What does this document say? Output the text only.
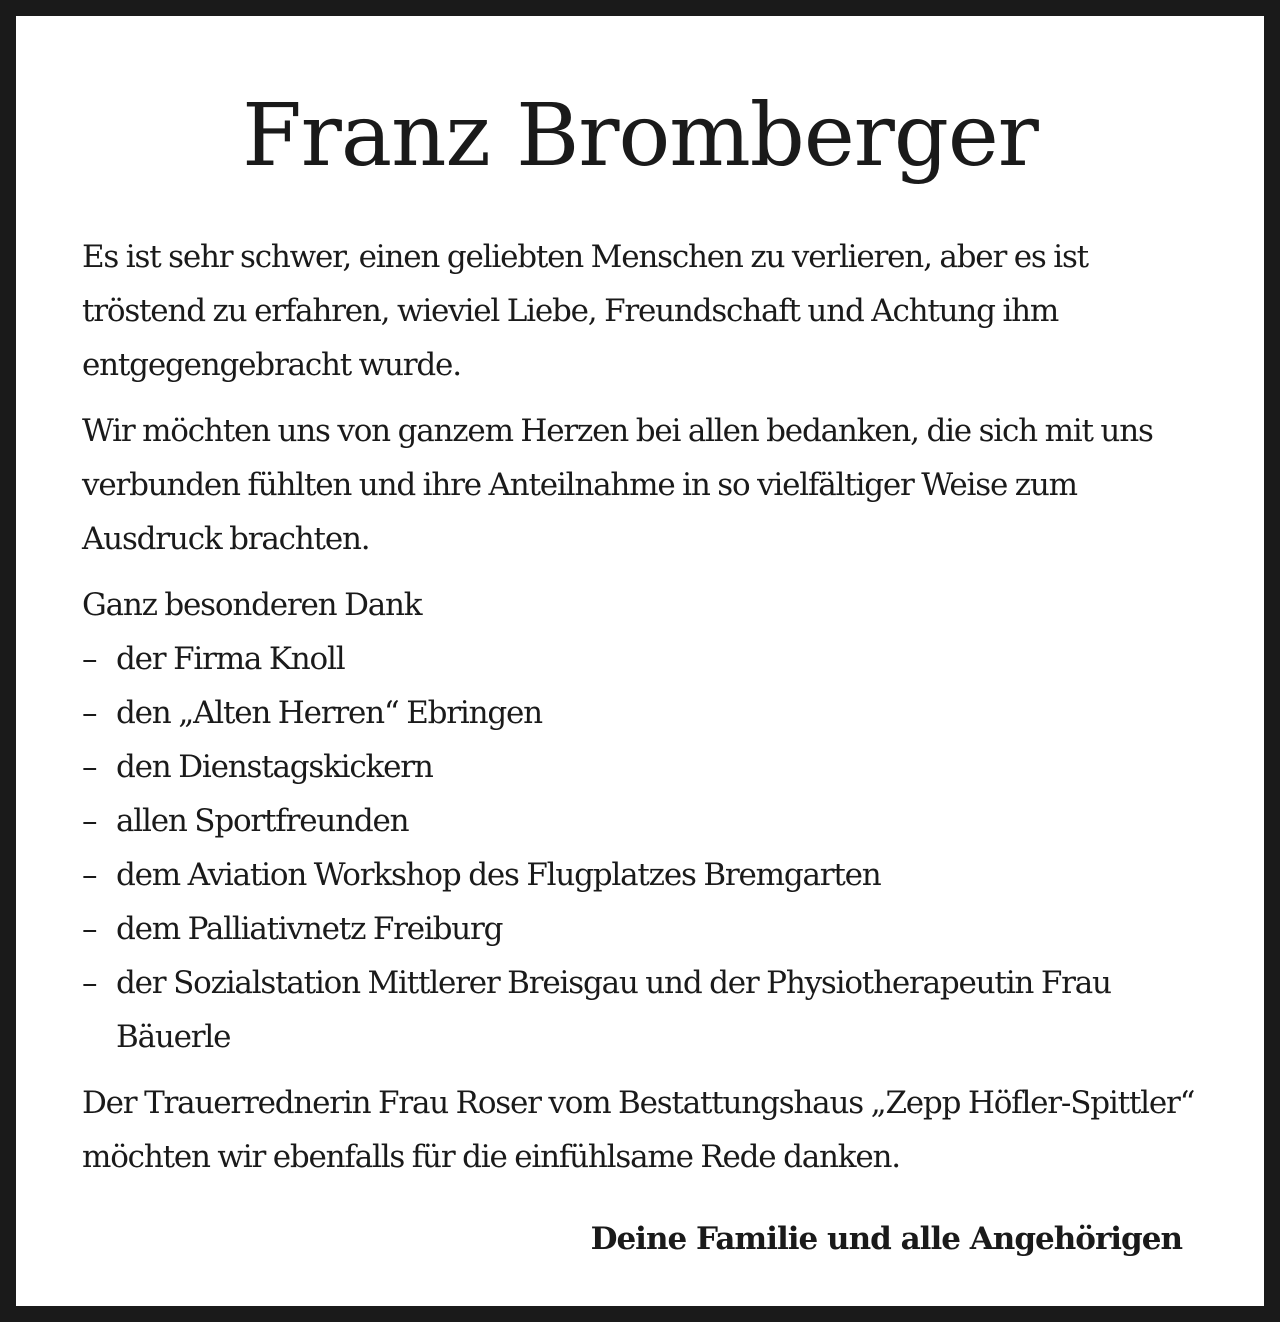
Franz Bromberger

Es ist sehr schwer, einen geliebten Menschen zu verlieren, aber es ist tröstend zu erfahren, wieviel Liebe, Freundschaft und Achtung ihm entgegengebracht wurde.

Wir möchten uns von ganzem Herzen bei allen bedanken, die sich mit uns verbunden fühlten und ihre Anteilnahme in so vielfältiger Weise zum Ausdruck brachten.

Ganz besonderen Dank
– der Firma Knoll
– den „Alten Herren“ Ebringen
– den Dienstagskickern
– allen Sportfreunden
– dem Aviation Workshop des Flugplatzes Bremgarten
– dem Palliativnetz Freiburg
– der Sozialstation Mittlerer Breisgau und der Physiotherapeutin Frau Bäuerle

Der Trauerrednerin Frau Roser vom Bestattungshaus „Zepp Höfler-Spittler“ möchten wir ebenfalls für die einfühlsame Rede danken.

Deine Familie und alle Angehörigen
